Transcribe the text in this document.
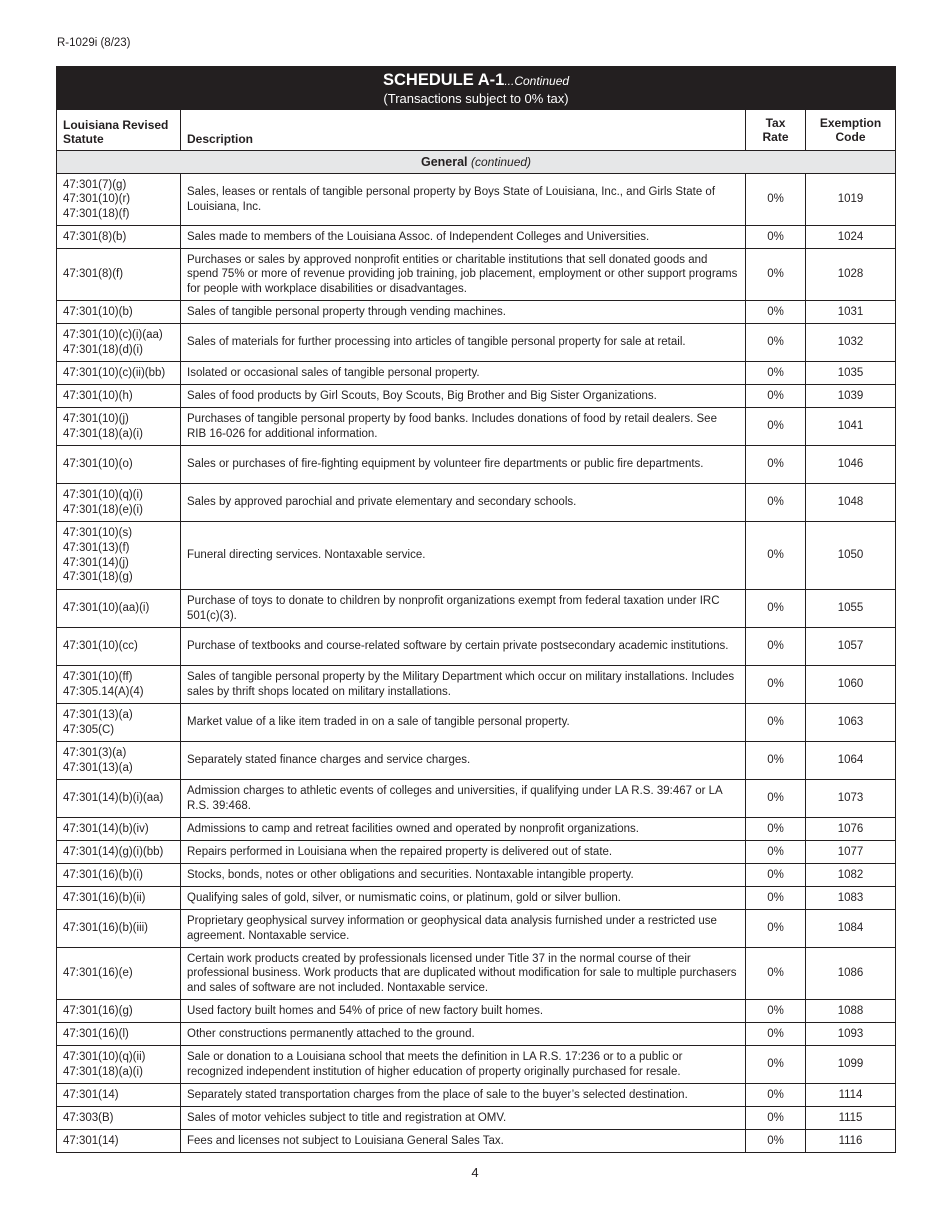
R-1029i (8/23)
SCHEDULE A-1...Continued
(Transactions subject to 0% tax)			

Louisiana Revised Statute	Description	Tax Rate	Exemption Code
General (continued)			
47:301(7)(g)
47:301(10)(r)
47:301(18)(f)	Sales, leases or rentals of tangible personal property by Boys State of Louisiana, Inc., and Girls State of Louisiana, Inc.	0%	1019
47:301(8)(b)	Sales made to members of the Louisiana Assoc. of Independent Colleges and Universities.	0%	1024
47:301(8)(f)	Purchases or sales by approved nonprofit entities or charitable institutions that sell donated goods and spend 75% or more of revenue providing job training, job placement, employment or other support programs for people with workplace disabilities or disadvantages.	0%	1028
47:301(10)(b)	Sales of tangible personal property through vending machines.	0%	1031
47:301(10)(c)(i)(aa)
47:301(18)(d)(i)	Sales of materials for further processing into articles of tangible personal property for sale at retail.	0%	1032
47:301(10)(c)(ii)(bb)	Isolated or occasional sales of tangible personal property.	0%	1035
47:301(10)(h)	Sales of food products by Girl Scouts, Boy Scouts, Big Brother and Big Sister Organizations.	0%	1039
47:301(10)(j)
47:301(18)(a)(i)	Purchases of tangible personal property by food banks. Includes donations of food by retail dealers. See RIB 16-026 for additional information.	0%	1041
47:301(10)(o)	Sales or purchases of fire-fighting equipment by volunteer fire departments or public fire departments.	0%	1046
47:301(10)(q)(i)
47:301(18)(e)(i)	Sales by approved parochial and private elementary and secondary schools.	0%	1048
47:301(10)(s)
47:301(13)(f)
47:301(14)(j)
47:301(18)(g)	Funeral directing services. Nontaxable service.	0%	1050
47:301(10)(aa)(i)	Purchase of toys to donate to children by nonprofit organizations exempt from federal taxation under IRC 501(c)(3).	0%	1055
47:301(10)(cc)	Purchase of textbooks and course-related software by certain private postsecondary academic institutions.	0%	1057
47:301(10)(ff)
47:305.14(A)(4)	Sales of tangible personal property by the Military Department which occur on military installations. Includes sales by thrift shops located on military installations.	0%	1060
47:301(13)(a)
47:305(C)	Market value of a like item traded in on a sale of tangible personal property.	0%	1063
47:301(3)(a)
47:301(13)(a)	Separately stated finance charges and service charges.	0%	1064
47:301(14)(b)(i)(aa)	Admission charges to athletic events of colleges and universities, if qualifying under LA R.S. 39:467 or LA R.S. 39:468.	0%	1073
47:301(14)(b)(iv)	Admissions to camp and retreat facilities owned and operated by nonprofit organizations.	0%	1076
47:301(14)(g)(i)(bb)	Repairs performed in Louisiana when the repaired property is delivered out of state.	0%	1077
47:301(16)(b)(i)	Stocks, bonds, notes or other obligations and securities. Nontaxable intangible property.	0%	1082
47:301(16)(b)(ii)	Qualifying sales of gold, silver, or numismatic coins, or platinum, gold or silver bullion.	0%	1083
47:301(16)(b)(iii)	Proprietary geophysical survey information or geophysical data analysis furnished under a restricted use agreement. Nontaxable service.	0%	1084
47:301(16)(e)	Certain work products created by professionals licensed under Title 37 in the normal course of their professional business. Work products that are duplicated without modification for sale to multiple purchasers and sales of software are not included. Nontaxable service.	0%	1086
47:301(16)(g)	Used factory built homes and 54% of price of new factory built homes.	0%	1088
47:301(16)(l)	Other constructions permanently attached to the ground.	0%	1093
47:301(10)(q)(ii)
47:301(18)(a)(i)	Sale or donation to a Louisiana school that meets the definition in LA R.S. 17:236 or to a public or recognized independent institution of higher education of property originally purchased for resale.	0%	1099
47:301(14)	Separately stated transportation charges from the place of sale to the buyer’s selected destination.	0%	1114
47:303(B)	Sales of motor vehicles subject to title and registration at OMV.	0%	1115
47:301(14)	Fees and licenses not subject to Louisiana General Sales Tax.	0%	1116
4
